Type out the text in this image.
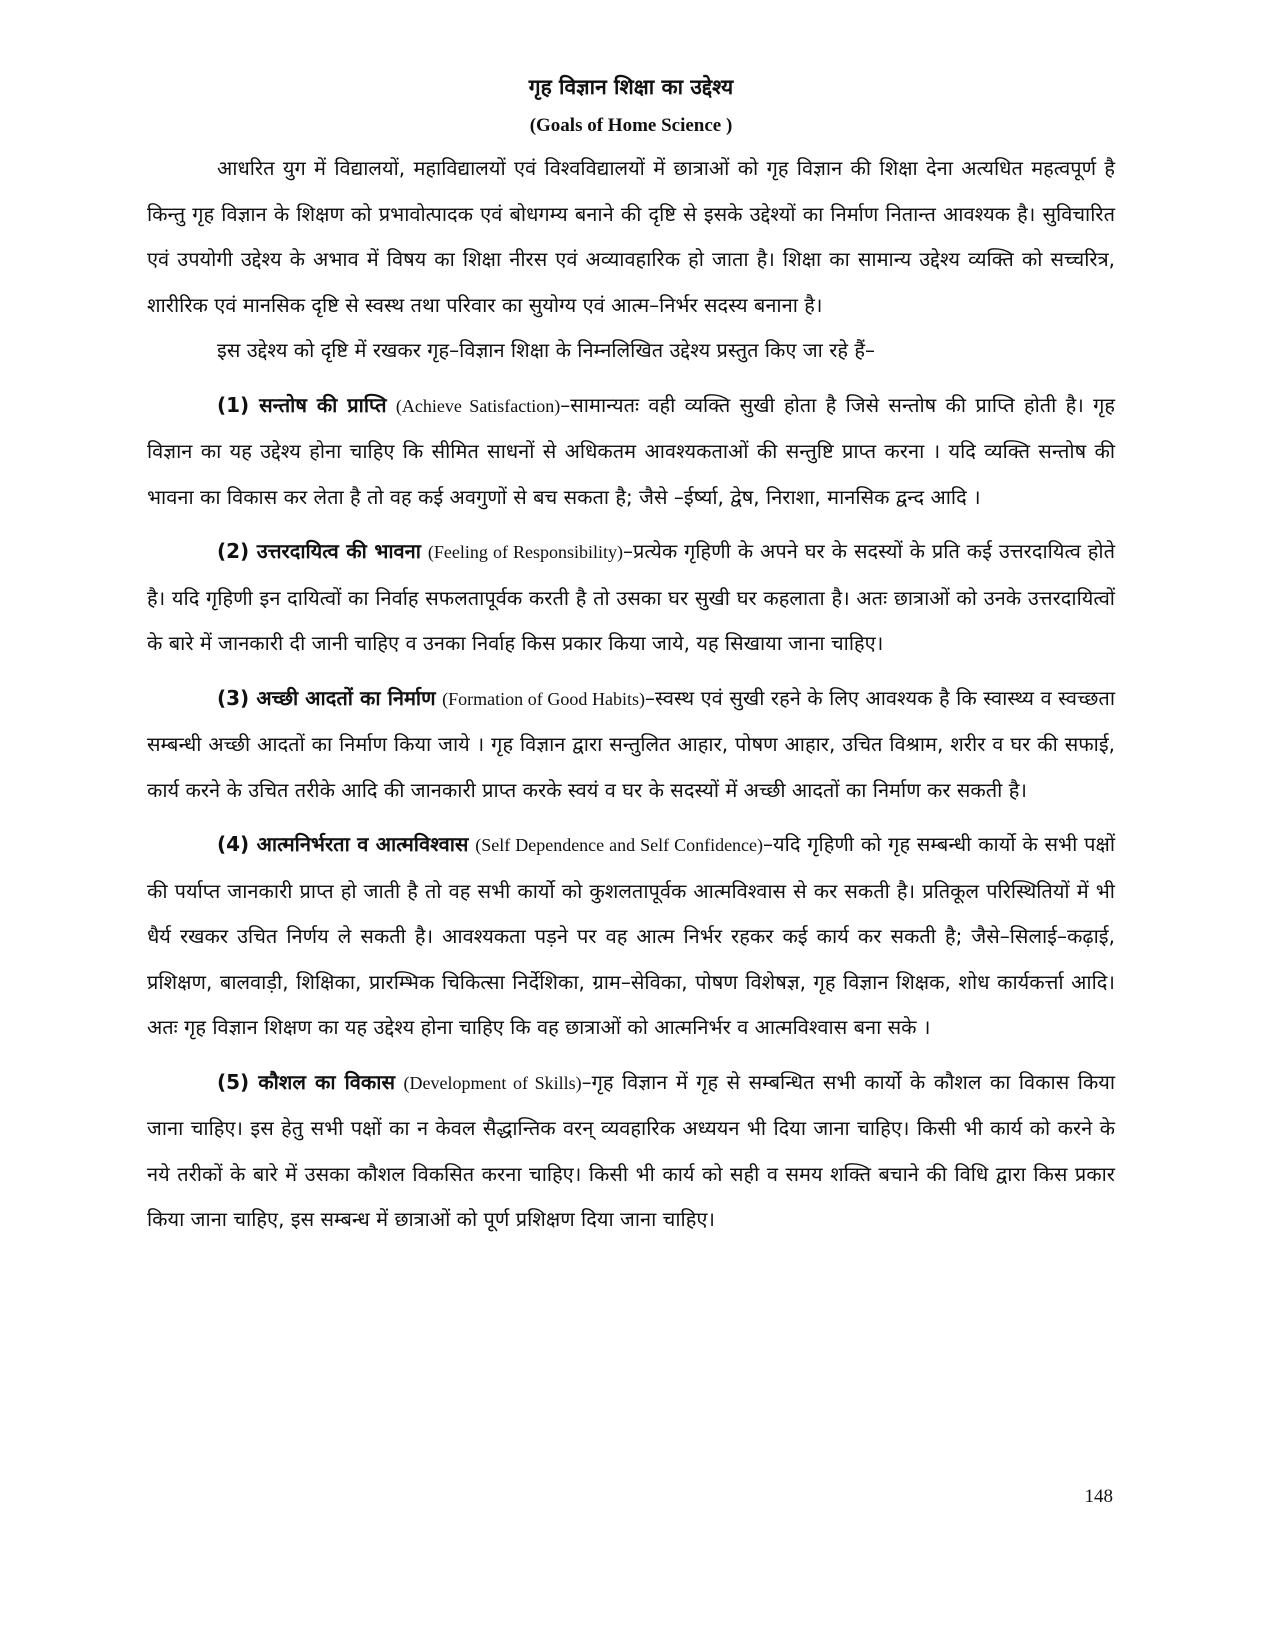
गृह विज्ञान शिक्षा का उद्देश्य

(Goals of Home Science )

आधरित युग में विद्यालयों, महाविद्यालयों एवं विश्वविद्यालयों में छात्राओं को गृह विज्ञान की शिक्षा देना अत्यधित महत्वपूर्ण है किन्तु गृह विज्ञान के शिक्षण को प्रभावोत्पादक एवं बोधगम्य बनाने की दृष्टि से इसके उद्देश्यों का निर्माण नितान्त आवश्यक है। सुविचारित एवं उपयोगी उद्देश्य के अभाव में विषय का शिक्षा नीरस एवं अव्यावहारिक हो जाता है। शिक्षा का सामान्य उद्देश्य व्यक्ति को सच्चरित्र, शारीरिक एवं मानसिक दृष्टि से स्वस्थ तथा परिवार का सुयोग्य एवं आत्म–निर्भर सदस्य बनाना है।

इस उद्देश्य को दृष्टि में रखकर गृह–विज्ञान शिक्षा के निम्नलिखित उद्देश्य प्रस्तुत किए जा रहे हैं–

(1) सन्तोष की प्राप्ति (Achieve Satisfaction)–सामान्यतः वही व्यक्ति सुखी होता है जिसे सन्तोष की प्राप्ति होती है। गृह विज्ञान का यह उद्देश्य होना चाहिए कि सीमित साधनों से अधिकतम आवश्यकताओं की सन्तुष्टि प्राप्त करना । यदि व्यक्ति सन्तोष की भावना का विकास कर लेता है तो वह कई अवगुणों से बच सकता है; जैसे –ईर्ष्या, द्वेष, निराशा, मानसिक द्वन्द आदि ।

(2) उत्तरदायित्व की भावना (Feeling of Responsibility)–प्रत्येक गृहिणी के अपने घर के सदस्यों के प्रति कई उत्तरदायित्व होते है। यदि गृहिणी इन दायित्वों का निर्वाह सफलतापूर्वक करती है तो उसका घर सुखी घर कहलाता है। अतः छात्राओं को उनके उत्तरदायित्वों के बारे में जानकारी दी जानी चाहिए व उनका निर्वाह किस प्रकार किया जाये, यह सिखाया जाना चाहिए।

(3) अच्छी आदतों का निर्माण (Formation of Good Habits)–स्वस्थ एवं सुखी रहने के लिए आवश्यक है कि स्वास्थ्य व स्वच्छता सम्बन्धी अच्छी आदतों का निर्माण किया जाये । गृह विज्ञान द्वारा सन्तुलित आहार, पोषण आहार, उचित विश्राम, शरीर व घर की सफाई, कार्य करने के उचित तरीके आदि की जानकारी प्राप्त करके स्वयं व घर के सदस्यों में अच्छी आदतों का निर्माण कर सकती है।

(4) आत्मनिर्भरता व आत्मविश्वास (Self Dependence and Self Confidence)–यदि गृहिणी को गृह सम्बन्धी कार्यो के सभी पक्षों की पर्याप्त जानकारी प्राप्त हो जाती है तो वह सभी कार्यो को कुशलतापूर्वक आत्मविश्वास से कर सकती है। प्रतिकूल परिस्थितियों में भी धैर्य रखकर उचित निर्णय ले सकती है। आवश्यकता पड़ने पर वह आत्म निर्भर रहकर कई कार्य कर सकती है; जैसे–सिलाई–कढ़ाई, प्रशिक्षण, बालवाड़ी, शिक्षिका, प्रारम्भिक चिकित्सा निर्देशिका, ग्राम–सेविका, पोषण विशेषज्ञ, गृह विज्ञान शिक्षक, शोध कार्यकर्त्ता आदि। अतः गृह विज्ञान शिक्षण का यह उद्देश्य होना चाहिए कि वह छात्राओं को आत्मनिर्भर व आत्मविश्वास बना सके ।

(5) कौशल का विकास (Development of Skills)–गृह विज्ञान में गृह से सम्बन्धित सभी कार्यो के कौशल का विकास किया जाना चाहिए। इस हेतु सभी पक्षों का न केवल सैद्धान्तिक वरन् व्यवहारिक अध्ययन भी दिया जाना चाहिए। किसी भी कार्य को करने के नये तरीकों के बारे में उसका कौशल विकसित करना चाहिए। किसी भी कार्य को सही व समय शक्ति बचाने की विधि द्वारा किस प्रकार किया जाना चाहिए, इस सम्बन्ध में छात्राओं को पूर्ण प्रशिक्षण दिया जाना चाहिए।

148
